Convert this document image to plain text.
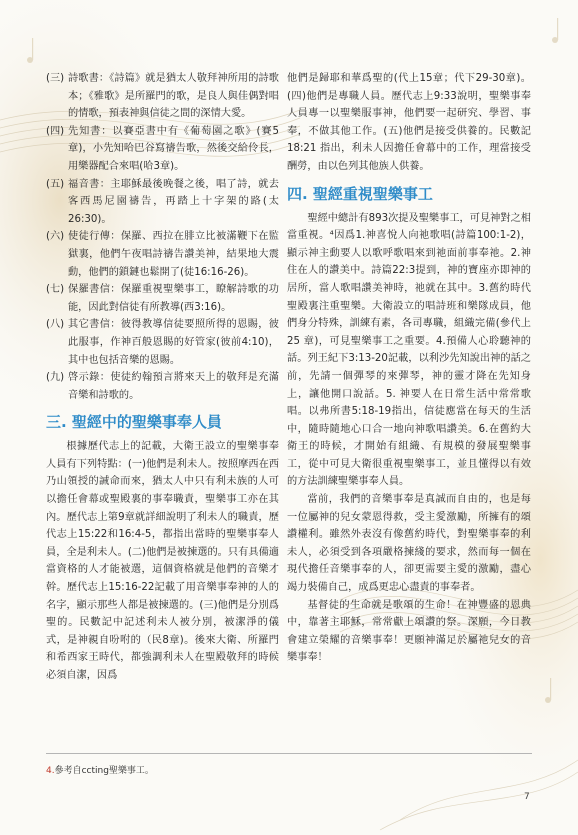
(三) 詩歌書：《詩篇》就是猶太人敬拜神所用的詩歌本；《雅歌》是所羅門的歌，是良人與佳偶對唱的情歌，預表神與信徒之間的深情大愛。

(四) 先知書：以賽亞書中有《葡萄園之歌》(賽5章)，小先知哈巴谷寫禱告歌，然後交給伶長，用樂器配合來唱(哈3章)。

(五) 福音書：主耶穌最後晚餐之後，唱了詩，就去客西馬尼園禱告，再踏上十字架的路(太26:30)。

(六) 使徒行傳：保羅、西拉在腓立比被滿鞭下在監獄裏，他們午夜唱詩禱告讚美神，結果地大震動，他們的鎖鏈也鬆開了(徒16:16-26)。

(七) 保羅書信：保羅重視聖樂事工，瞭解詩歌的功能，因此對信徒有所教導(西3:16)。

(八) 其它書信：彼得教導信徒要照所得的恩賜，彼此服事，作神百般恩賜的好管家(彼前4:10)，其中也包括音樂的恩賜。

(九) 啓示錄：使徒約翰預言將來天上的敬拜是充滿音樂和詩歌的。

三. 聖經中的聖樂事奉人員

根據歷代志上的記載，大衛王設立的聖樂事奉人員有下列特點：(一)他們是利未人。按照摩西在西乃山領授的誡命而來，猶太人中只有利未族的人可以擔任會幕或聖殿裏的事奉職責，聖樂事工亦在其內。歷代志上第9章就詳細說明了利未人的職責，歷代志上15:22和16:4-5，都指出當時的聖樂事奉人員，全是利未人。(二)他們是被揀選的。只有具備適當資格的人才能被選，這個資格就是他們的音樂才幹。歷代志上15:16-22記載了用音樂事奉神的人的名字，顯示那些人都是被揀選的。(三)他們是分別爲聖的。民數記中記述利未人被分別，被潔淨的儀式，是神親自吩咐的（民8章)。後來大衛、所羅門和希西家王時代，都強調利未人在聖殿敬拜的時候必須自潔，因爲

他們是歸耶和華爲聖的(代上15章；代下29-30章)。(四)他們是專職人員。歷代志上9:33說明，聖樂事奉人員專一以聖樂服事神，他們要一起研究、學習、事奉，不做其他工作。(五)他們是接受供養的。民數記18:21 指出，利未人因擔任會幕中的工作，理當接受酬勞，由以色列其他族人供養。

四. 聖經重視聖樂事工

聖經中總計有893次提及聖樂事工，可見神對之相當重視。⁴因爲1.神喜悅人向祂歌唱(詩篇100:1-2)，顯示神主動要人以歌呼歌唱來到祂面前事奉祂。2.神住在人的讚美中。詩篇22:3提到，神的寶座亦即神的居所，當人歌唱讚美神時，祂就在其中。3.舊約時代聖殿裏注重聖樂。大衛設立的唱詩班和樂隊成員，他們身分特殊，訓練有素，各司專職，組織完備(參代上25 章)，可見聖樂事工之重要。4.預備人心聆聽神的話。列王紀下3:13-20記載，以利沙先知說出神的話之前，先請一個彈琴的來彈琴，神的靈才降在先知身上，讓他開口說話。5. 神要人在日常生活中常常歌唱。以弗所書5:18-19指出，信徒應當在每天的生活中，隨時隨地心口合一地向神歌唱讚美。6.在舊約大衛王的時候，才開始有組織、有規模的發展聖樂事工，從中可見大衛很重視聖樂事工，並且懂得以有效的方法訓練聖樂事奉人員。

當前，我們的音樂事奉是真誠而自由的，也是每一位屬神的兒女蒙恩得救，受主愛激勵，所擁有的頌讚權利。雖然外表沒有像舊約時代，對聖樂事奉的利未人，必須受到各項嚴格揀綫的要求，然而每一個在現代擔任音樂事奉的人，卻更需要主愛的激勵，盡心竭力裝備自己，成爲更忠心盡責的事奉者。

基督徒的生命就是歌頌的生命！在神豐盛的恩典中，靠著主耶穌，常常獻上頌讚的祭。深願，今日教會建立榮耀的音樂事奉！更願神滿足於屬祂兒女的音樂事奉！

4.參考自ccting聖樂事工。
7
